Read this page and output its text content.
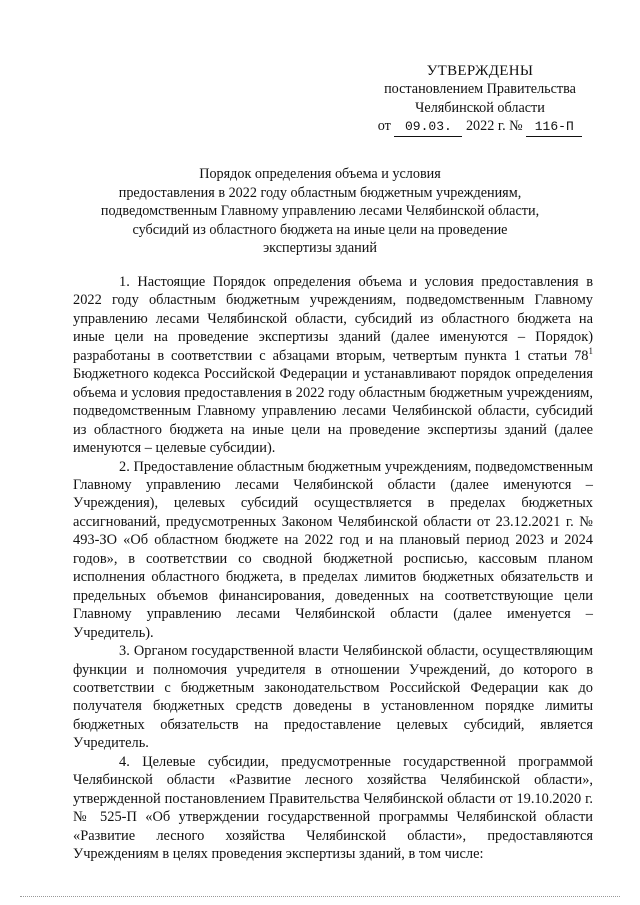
УТВЕРЖДЕНЫ
постановлением Правительства
Челябинской области
от 09.03. 2022 г. № 116-П
Порядок определения объема и условия
предоставления в 2022 году областным бюджетным учреждениям,
подведомственным Главному управлению лесами Челябинской области,
субсидий из областного бюджета на иные цели на проведение
экспертизы зданий

1. Настоящие Порядок определения объема и условия предоставления в 2022 году областным бюджетным учреждениям, подведомственным Главному управлению лесами Челябинской области, субсидий из областного бюджета на иные цели на проведение экспертизы зданий (далее именуются – Порядок) разработаны в соответствии с абзацами вторым, четвертым пункта 1 статьи $78^1$ Бюджетного кодекса Российской Федерации и устанавливают порядок определения объема и условия предоставления в 2022 году областным бюджетным учреждениям, подведомственным Главному управлению лесами Челябинской области, субсидий из областного бюджета на иные цели на проведение экспертизы зданий (далее именуются – целевые субсидии).

2. Предоставление областным бюджетным учреждениям, подведомственным Главному управлению лесами Челябинской области (далее именуются – Учреждения), целевых субсидий осуществляется в пределах бюджетных ассигнований, предусмотренных Законом Челябинской области от 23.12.2021 г. № 493-ЗО «Об областном бюджете на 2022 год и на плановый период 2023 и 2024 годов», в соответствии со сводной бюджетной росписью, кассовым планом исполнения областного бюджета, в пределах лимитов бюджетных обязательств и предельных объемов финансирования, доведенных на соответствующие цели Главному управлению лесами Челябинской области (далее именуется – Учредитель).

3. Органом государственной власти Челябинской области, осуществляющим функции и полномочия учредителя в отношении Учреждений, до которого в соответствии с бюджетным законодательством Российской Федерации как до получателя бюджетных средств доведены в установленном порядке лимиты бюджетных обязательств на предоставление целевых субсидий, является Учредитель.

4. Целевые субсидии, предусмотренные государственной программой Челябинской области «Развитие лесного хозяйства Челябинской области», утвержденной постановлением Правительства Челябинской области от 19.10.2020 г. № 525-П «Об утверждении государственной программы Челябинской области «Развитие лесного хозяйства Челябинской области», предоставляются Учреждениям в целях проведения экспертизы зданий, в том числе:
